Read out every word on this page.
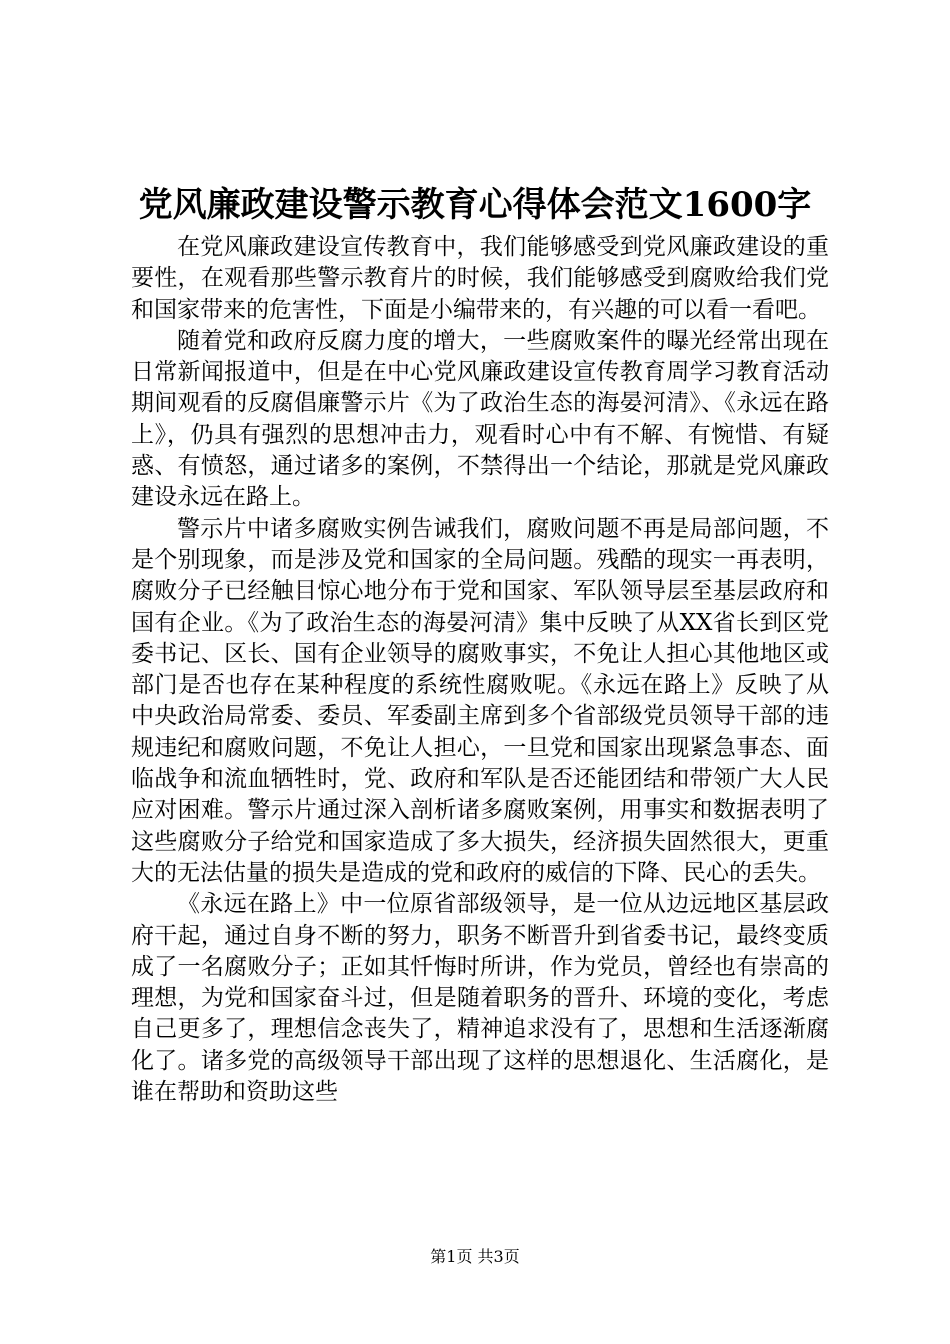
党风廉政建设警示教育心得体会范文1600字

在党风廉政建设宣传教育中，我们能够感受到党风廉政建设的重要性，在观看那些警示教育片的时候，我们能够感受到腐败给我们党和国家带来的危害性，下面是小编带来的，有兴趣的可以看一看吧。

随着党和政府反腐力度的增大，一些腐败案件的曝光经常出现在日常新闻报道中，但是在中心党风廉政建设宣传教育周学习教育活动期间观看的反腐倡廉警示片《为了政治生态的海晏河清》、《永远在路上》，仍具有强烈的思想冲击力，观看时心中有不解、有惋惜、有疑惑、有愤怒，通过诸多的案例，不禁得出一个结论，那就是党风廉政建设永远在路上。

警示片中诸多腐败实例告诫我们，腐败问题不再是局部问题，不是个别现象，而是涉及党和国家的全局问题。残酷的现实一再表明，腐败分子已经触目惊心地分布于党和国家、军队领导层至基层政府和国有企业。《为了政治生态的海晏河清》集中反映了从XX省长到区党委书记、区长、国有企业领导的腐败事实，不免让人担心其他地区或部门是否也存在某种程度的系统性腐败呢。《永远在路上》反映了从中央政治局常委、委员、军委副主席到多个省部级党员领导干部的违规违纪和腐败问题，不免让人担心，一旦党和国家出现紧急事态、面临战争和流血牺牲时，党、政府和军队是否还能团结和带领广大人民应对困难。警示片通过深入剖析诸多腐败案例，用事实和数据表明了这些腐败分子给党和国家造成了多大损失，经济损失固然很大，更重大的无法估量的损失是造成的党和政府的威信的下降、民心的丢失。

《永远在路上》中一位原省部级领导，是一位从边远地区基层政府干起，通过自身不断的努力，职务不断晋升到省委书记，最终变质成了一名腐败分子；正如其忏悔时所讲，作为党员，曾经也有崇高的理想，为党和国家奋斗过，但是随着职务的晋升、环境的变化，考虑自己更多了，理想信念丧失了，精神追求没有了，思想和生活逐渐腐化了。诸多党的高级领导干部出现了这样的思想退化、生活腐化，是谁在帮助和资助这些

第1页 共3页
